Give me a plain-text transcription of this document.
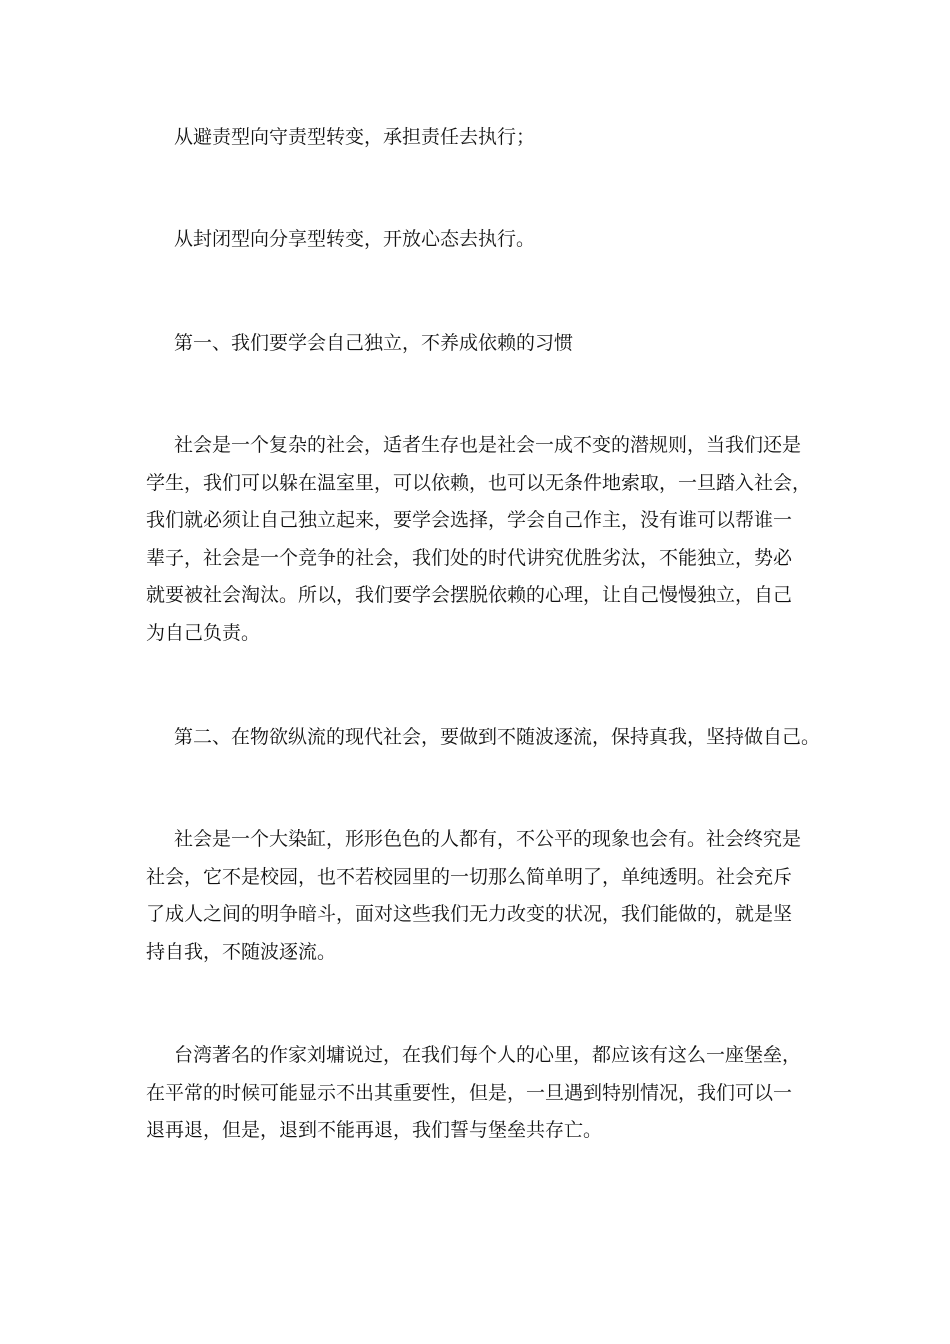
从避责型向守责型转变，承担责任去执行；

从封闭型向分享型转变，开放心态去执行。

第一、我们要学会自己独立，不养成依赖的习惯

社会是一个复杂的社会，适者生存也是社会一成不变的潜规则，当我们还是
学生，我们可以躲在温室里，可以依赖，也可以无条件地索取，一旦踏入社会，
我们就必须让自己独立起来，要学会选择，学会自己作主，没有谁可以帮谁一
辈子，社会是一个竞争的社会，我们处的时代讲究优胜劣汰，不能独立，势必
就要被社会淘汰。所以，我们要学会摆脱依赖的心理，让自己慢慢独立，自己
为自己负责。

第二、在物欲纵流的现代社会，要做到不随波逐流，保持真我，坚持做自己。

社会是一个大染缸，形形色色的人都有，不公平的现象也会有。社会终究是
社会，它不是校园，也不若校园里的一切那么简单明了，单纯透明。社会充斥
了成人之间的明争暗斗，面对这些我们无力改变的状况，我们能做的，就是坚
持自我，不随波逐流。

台湾著名的作家刘墉说过，在我们每个人的心里，都应该有这么一座堡垒，
在平常的时候可能显示不出其重要性，但是，一旦遇到特别情况，我们可以一
退再退，但是，退到不能再退，我们誓与堡垒共存亡。
